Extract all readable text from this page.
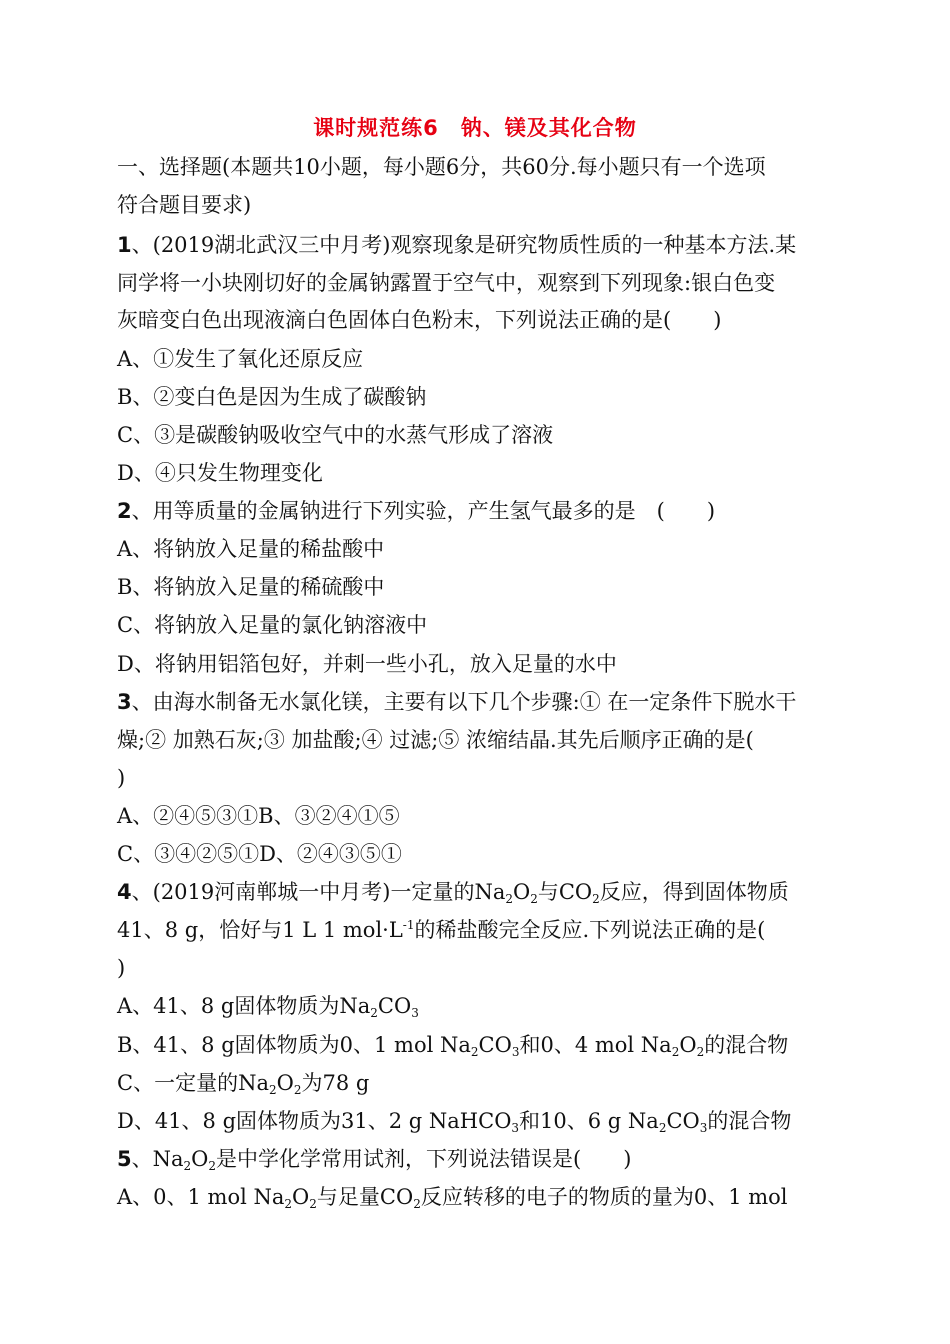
课时规范练6　钠、镁及其化合物
一、选择题(本题共10小题，每小题6分，共60分.每小题只有一个选项
符合题目要求)
1、(2019湖北武汉三中月考)观察现象是研究物质性质的一种基本方法.某
同学将一小块刚切好的金属钠露置于空气中，观察到下列现象:银白色变
灰暗变白色出现液滴白色固体白色粉末，下列说法正确的是(　　)
A、①发生了氧化还原反应
B、②变白色是因为生成了碳酸钠
C、③是碳酸钠吸收空气中的水蒸气形成了溶液
D、④只发生物理变化
2、用等质量的金属钠进行下列实验，产生氢气最多的是　(　　)
A、将钠放入足量的稀盐酸中
B、将钠放入足量的稀硫酸中
C、将钠放入足量的氯化钠溶液中
D、将钠用铝箔包好，并刺一些小孔，放入足量的水中
3、由海水制备无水氯化镁，主要有以下几个步骤:① 在一定条件下脱水干
燥;② 加熟石灰;③ 加盐酸;④ 过滤;⑤ 浓缩结晶.其先后顺序正确的是(
)
A、②④⑤③①B、③②④①⑤
C、③④②⑤①D、②④③⑤①
4、(2019河南郸城一中月考)一定量的$Na_2O_2$与$CO_2$反应，得到固体物质
41、8 g，恰好与1 L 1 $mol\cdot L^{-1}$的稀盐酸完全反应.下列说法正确的是(
)
A、41、8 g固体物质为$Na_2CO_3$
B、41、8 g固体物质为0、1 mol $Na_2CO_3$和0、4 mol $Na_2O_2$的混合物
C、一定量的$Na_2O_2$为78 g
D、41、8 g固体物质为31、2 g NaHCO$_3$和10、6 g $Na_2CO_3$的混合物
5、$Na_2O_2$是中学化学常用试剂，下列说法错误是(　　)
A、0、1 mol $Na_2O_2$与足量$CO_2$反应转移的电子的物质的量为0、1 mol
